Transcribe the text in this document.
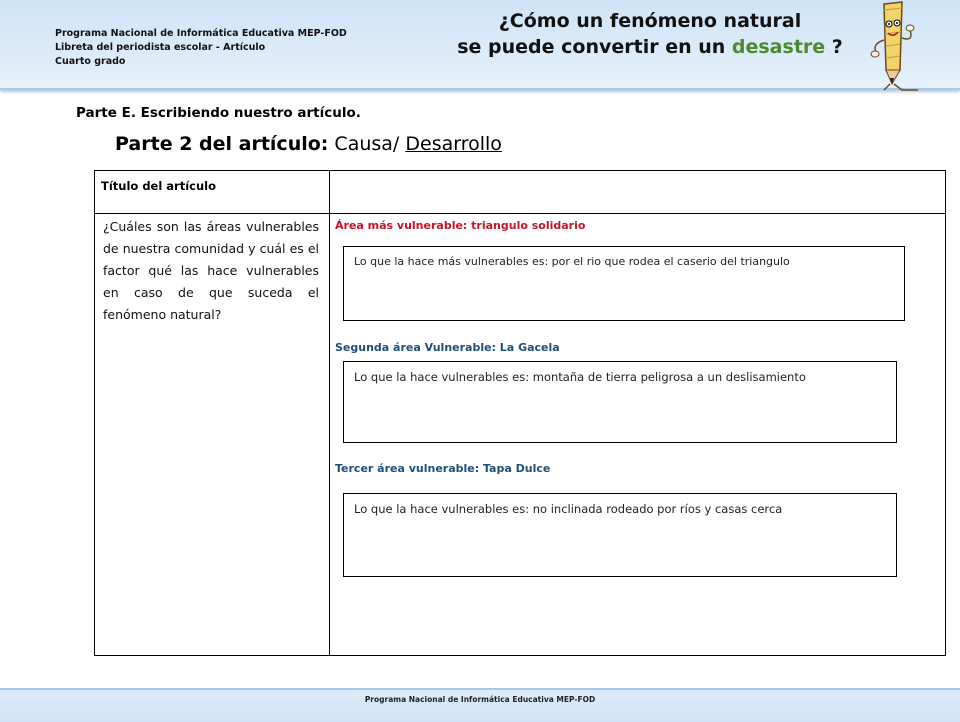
Programa Nacional de Informática Educativa MEP-FOD
Libreta del periodista escolar - Artículo
Cuarto grado
¿Cómo un fenómeno natural
se puede convertir en un desastre ?
Parte E. Escribiendo nuestro artículo.
Parte 2 del artículo: Causa/ Desarrollo
Título del artículo
¿Cuáles son las áreas vulnerables de nuestra comunidad y cuál es el factor qué las hace vulnerables en caso de que suceda el fenómeno natural?
Área más vulnerable: triangulo solidario
Lo que la hace más vulnerables es: por el rio que rodea el caserio del triangulo
Segunda área Vulnerable: La Gacela
Lo que la hace vulnerables es: montaña de tierra peligrosa a un deslisamiento
Tercer área vulnerable: Tapa Dulce
Lo que la hace vulnerables es: no inclinada rodeado por ríos y casas cerca
Programa Nacional de Informática Educativa MEP-FOD
